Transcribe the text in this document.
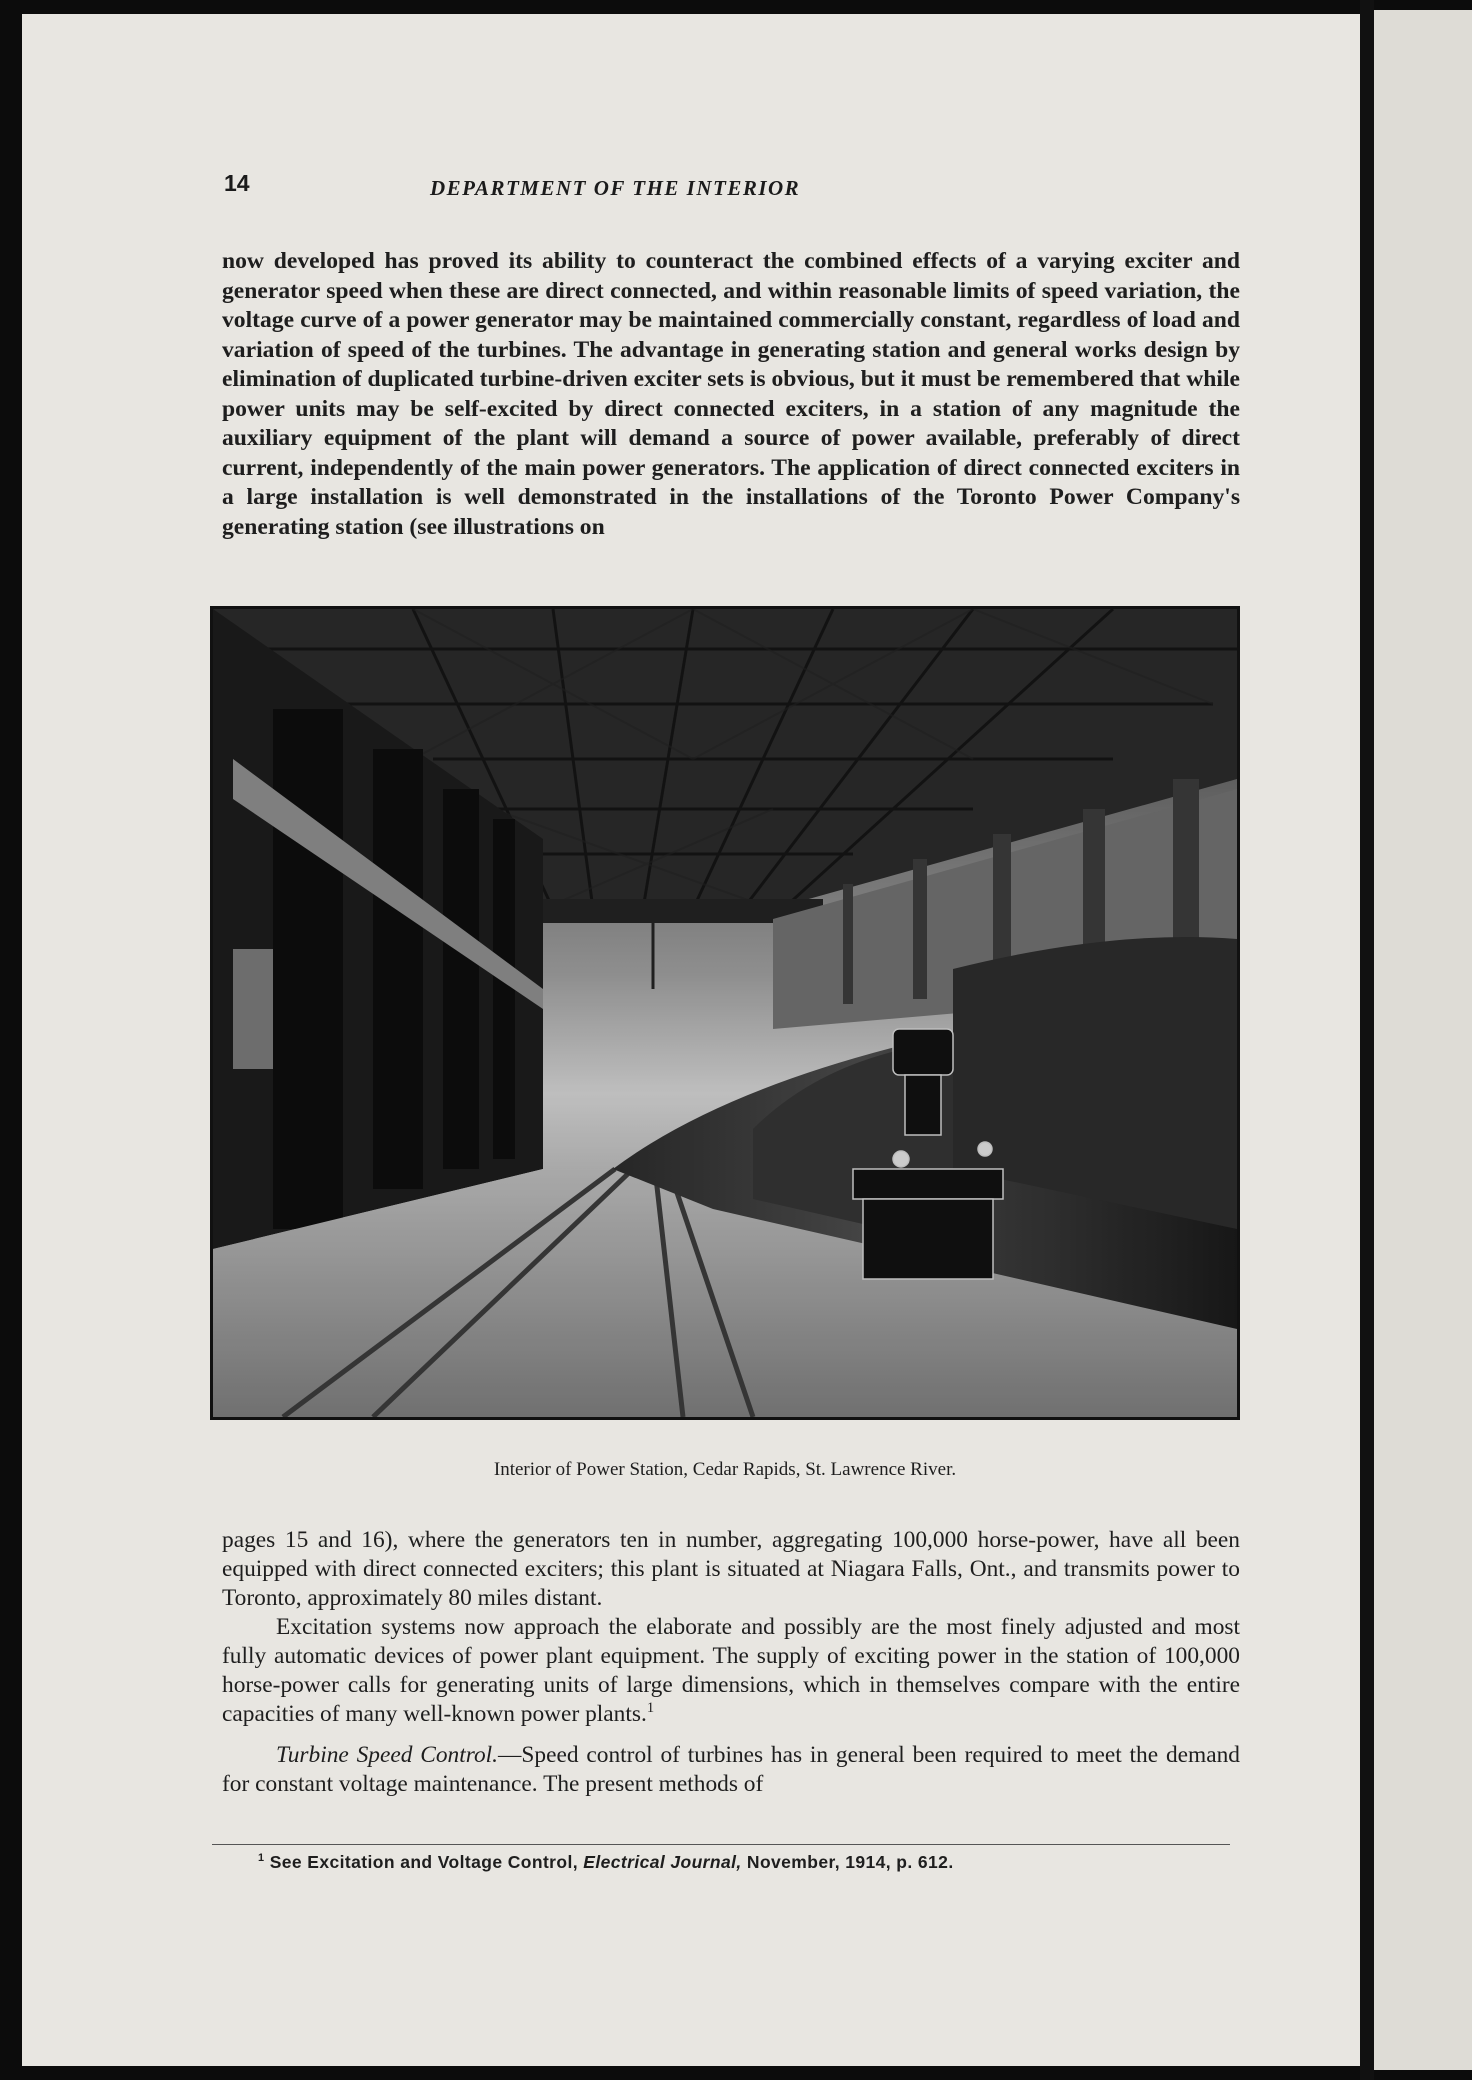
14	DEPARTMENT OF THE INTERIOR

now developed has proved its ability to counteract the combined effects of a varying exciter and generator speed when these are direct connected, and within reasonable limits of speed variation, the voltage curve of a power generator may be maintained commercially constant, regardless of load and variation of speed of the turbines. The advantage in generating station and general works design by elimination of duplicated turbine-driven exciter sets is obvious, but it must be remembered that while power units may be self-excited by direct connected exciters, in a station of any magnitude the auxiliary equipment of the plant will demand a source of power available, preferably of direct current, independently of the main power generators. The application of direct connected exciters in a large installation is well demonstrated in the installations of the Toronto Power Company's generating station (see illustrations on

Interior of Power Station, Cedar Rapids, St. Lawrence River.

pages 15 and 16), where the generators ten in number, aggregating 100,000 horse-power, have all been equipped with direct connected exciters; this plant is situated at Niagara Falls, Ont., and transmits power to Toronto, approximately 80 miles distant.

Excitation systems now approach the elaborate and possibly are the most finely adjusted and most fully automatic devices of power plant equipment. The supply of exciting power in the station of 100,000 horse-power calls for generating units of large dimensions, which in themselves compare with the entire capacities of many well-known power plants.$^1$

Turbine Speed Control.—Speed control of turbines has in general been required to meet the demand for constant voltage maintenance. The present methods of

$^1$ See Excitation and Voltage Control, Electrical Journal, November, 1914, p. 612.
